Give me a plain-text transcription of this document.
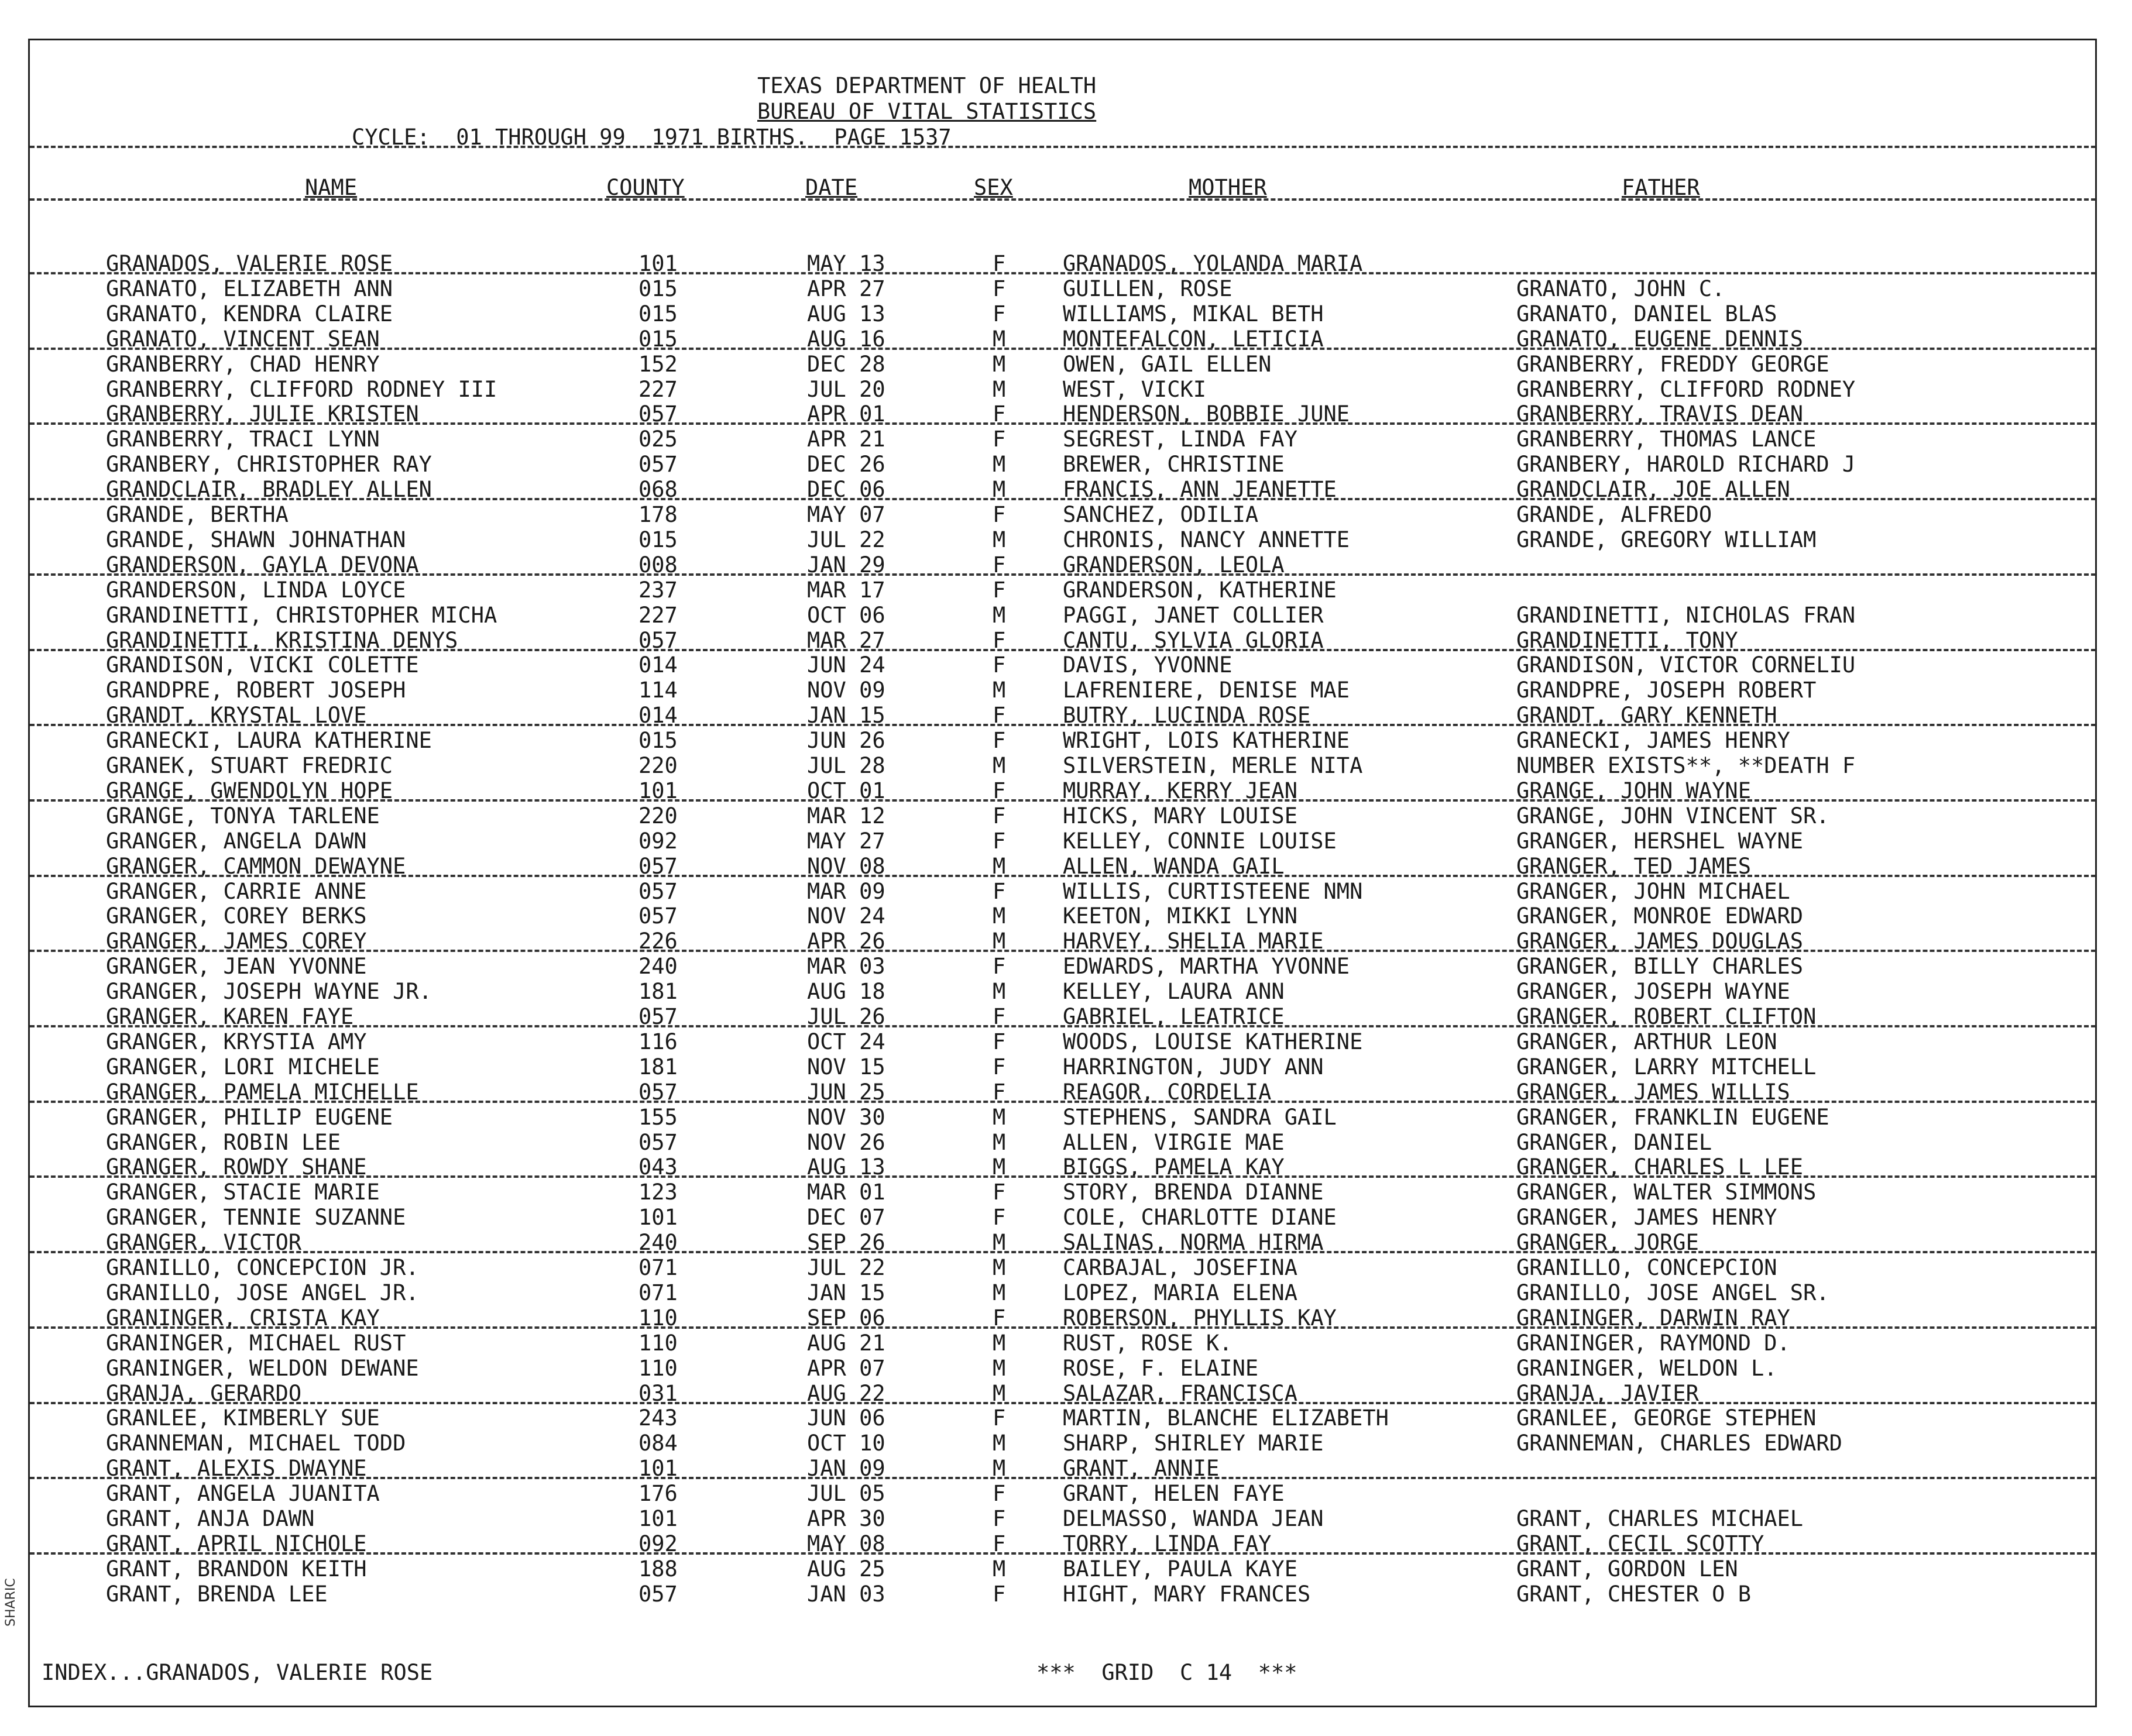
TEXAS DEPARTMENT OF HEALTH
BUREAU OF VITAL STATISTICS
CYCLE:  01 THROUGH 99  1971 BIRTHS.  PAGE 1537
NAME	COUNTY	DATE	SEX	MOTHER	FATHER
INDEX...GRANADOS, VALERIE ROSE	***  GRID  C 14  ***
GRANADOS, VALERIE ROSE	101	MAY 13	F	GRANADOS, YOLANDA MARIA
GRANATO, ELIZABETH ANN	015	APR 27	F	GUILLEN, ROSE	GRANATO, JOHN C.
GRANATO, KENDRA CLAIRE	015	AUG 13	F	WILLIAMS, MIKAL BETH	GRANATO, DANIEL BLAS
GRANATO, VINCENT SEAN	015	AUG 16	M	MONTEFALCON, LETICIA	GRANATO, EUGENE DENNIS
GRANBERRY, CHAD HENRY	152	DEC 28	M	OWEN, GAIL ELLEN	GRANBERRY, FREDDY GEORGE
GRANBERRY, CLIFFORD RODNEY III	227	JUL 20	M	WEST, VICKI	GRANBERRY, CLIFFORD RODNEY
GRANBERRY, JULIE KRISTEN	057	APR 01	F	HENDERSON, BOBBIE JUNE	GRANBERRY, TRAVIS DEAN
GRANBERRY, TRACI LYNN	025	APR 21	F	SEGREST, LINDA FAY	GRANBERRY, THOMAS LANCE
GRANBERY, CHRISTOPHER RAY	057	DEC 26	M	BREWER, CHRISTINE	GRANBERY, HAROLD RICHARD J
GRANDCLAIR, BRADLEY ALLEN	068	DEC 06	M	FRANCIS, ANN JEANETTE	GRANDCLAIR, JOE ALLEN
GRANDE, BERTHA	178	MAY 07	F	SANCHEZ, ODILIA	GRANDE, ALFREDO
GRANDE, SHAWN JOHNATHAN	015	JUL 22	M	CHRONIS, NANCY ANNETTE	GRANDE, GREGORY WILLIAM
GRANDERSON, GAYLA DEVONA	008	JAN 29	F	GRANDERSON, LEOLA
GRANDERSON, LINDA LOYCE	237	MAR 17	F	GRANDERSON, KATHERINE
GRANDINETTI, CHRISTOPHER MICHA	227	OCT 06	M	PAGGI, JANET COLLIER	GRANDINETTI, NICHOLAS FRAN
GRANDINETTI, KRISTINA DENYS	057	MAR 27	F	CANTU, SYLVIA GLORIA	GRANDINETTI, TONY
GRANDISON, VICKI COLETTE	014	JUN 24	F	DAVIS, YVONNE	GRANDISON, VICTOR CORNELIU
GRANDPRE, ROBERT JOSEPH	114	NOV 09	M	LAFRENIERE, DENISE MAE	GRANDPRE, JOSEPH ROBERT
GRANDT, KRYSTAL LOVE	014	JAN 15	F	BUTRY, LUCINDA ROSE	GRANDT, GARY KENNETH
GRANECKI, LAURA KATHERINE	015	JUN 26	F	WRIGHT, LOIS KATHERINE	GRANECKI, JAMES HENRY
GRANEK, STUART FREDRIC	220	JUL 28	M	SILVERSTEIN, MERLE NITA	NUMBER EXISTS**, **DEATH F
GRANGE, GWENDOLYN HOPE	101	OCT 01	F	MURRAY, KERRY JEAN	GRANGE, JOHN WAYNE
GRANGE, TONYA TARLENE	220	MAR 12	F	HICKS, MARY LOUISE	GRANGE, JOHN VINCENT SR.
GRANGER, ANGELA DAWN	092	MAY 27	F	KELLEY, CONNIE LOUISE	GRANGER, HERSHEL WAYNE
GRANGER, CAMMON DEWAYNE	057	NOV 08	M	ALLEN, WANDA GAIL	GRANGER, TED JAMES
GRANGER, CARRIE ANNE	057	MAR 09	F	WILLIS, CURTISTEENE NMN	GRANGER, JOHN MICHAEL
GRANGER, COREY BERKS	057	NOV 24	M	KEETON, MIKKI LYNN	GRANGER, MONROE EDWARD
GRANGER, JAMES COREY	226	APR 26	M	HARVEY, SHELIA MARIE	GRANGER, JAMES DOUGLAS
GRANGER, JEAN YVONNE	240	MAR 03	F	EDWARDS, MARTHA YVONNE	GRANGER, BILLY CHARLES
GRANGER, JOSEPH WAYNE JR.	181	AUG 18	M	KELLEY, LAURA ANN	GRANGER, JOSEPH WAYNE
GRANGER, KAREN FAYE	057	JUL 26	F	GABRIEL, LEATRICE	GRANGER, ROBERT CLIFTON
GRANGER, KRYSTIA AMY	116	OCT 24	F	WOODS, LOUISE KATHERINE	GRANGER, ARTHUR LEON
GRANGER, LORI MICHELE	181	NOV 15	F	HARRINGTON, JUDY ANN	GRANGER, LARRY MITCHELL
GRANGER, PAMELA MICHELLE	057	JUN 25	F	REAGOR, CORDELIA	GRANGER, JAMES WILLIS
GRANGER, PHILIP EUGENE	155	NOV 30	M	STEPHENS, SANDRA GAIL	GRANGER, FRANKLIN EUGENE
GRANGER, ROBIN LEE	057	NOV 26	M	ALLEN, VIRGIE MAE	GRANGER, DANIEL
GRANGER, ROWDY SHANE	043	AUG 13	M	BIGGS, PAMELA KAY	GRANGER, CHARLES L LEE
GRANGER, STACIE MARIE	123	MAR 01	F	STORY, BRENDA DIANNE	GRANGER, WALTER SIMMONS
GRANGER, TENNIE SUZANNE	101	DEC 07	F	COLE, CHARLOTTE DIANE	GRANGER, JAMES HENRY
GRANGER, VICTOR	240	SEP 26	M	SALINAS, NORMA HIRMA	GRANGER, JORGE
GRANILLO, CONCEPCION JR.	071	JUL 22	M	CARBAJAL, JOSEFINA	GRANILLO, CONCEPCION
GRANILLO, JOSE ANGEL JR.	071	JAN 15	M	LOPEZ, MARIA ELENA	GRANILLO, JOSE ANGEL SR.
GRANINGER, CRISTA KAY	110	SEP 06	F	ROBERSON, PHYLLIS KAY	GRANINGER, DARWIN RAY
GRANINGER, MICHAEL RUST	110	AUG 21	M	RUST, ROSE K.	GRANINGER, RAYMOND D.
GRANINGER, WELDON DEWANE	110	APR 07	M	ROSE, F. ELAINE	GRANINGER, WELDON L.
GRANJA, GERARDO	031	AUG 22	M	SALAZAR, FRANCISCA	GRANJA, JAVIER
GRANLEE, KIMBERLY SUE	243	JUN 06	F	MARTIN, BLANCHE ELIZABETH	GRANLEE, GEORGE STEPHEN
GRANNEMAN, MICHAEL TODD	084	OCT 10	M	SHARP, SHIRLEY MARIE	GRANNEMAN, CHARLES EDWARD
GRANT, ALEXIS DWAYNE	101	JAN 09	M	GRANT, ANNIE
GRANT, ANGELA JUANITA	176	JUL 05	F	GRANT, HELEN FAYE
GRANT, ANJA DAWN	101	APR 30	F	DELMASSO, WANDA JEAN	GRANT, CHARLES MICHAEL
GRANT, APRIL NICHOLE	092	MAY 08	F	TORRY, LINDA FAY	GRANT, CECIL SCOTTY
GRANT, BRANDON KEITH	188	AUG 25	M	BAILEY, PAULA KAYE	GRANT, GORDON LEN
GRANT, BRENDA LEE	057	JAN 03	F	HIGHT, MARY FRANCES	GRANT, CHESTER O B
SHARIC
